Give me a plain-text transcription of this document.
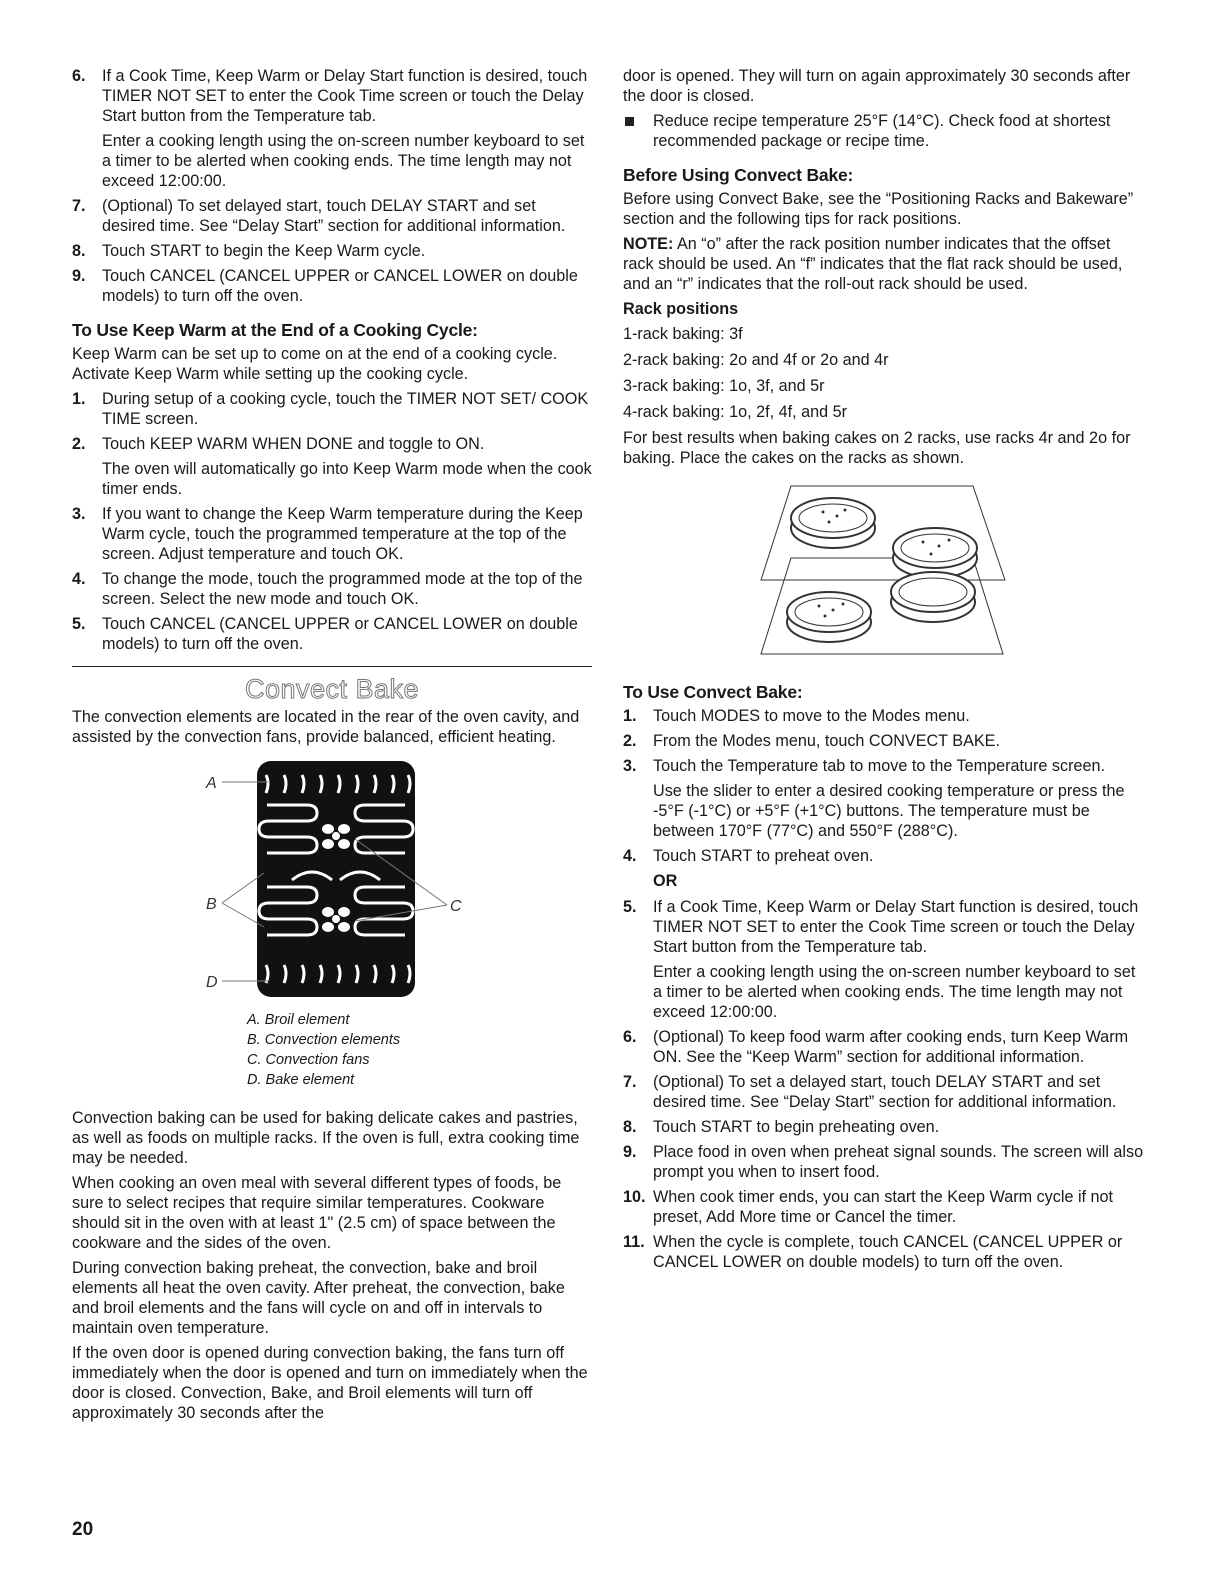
6.	If a Cook Time, Keep Warm or Delay Start function is desired, touch TIMER NOT SET to enter the Cook Time screen or touch the Delay Start button from the Temperature tab.

Enter a cooking length using the on-screen number keyboard to set a timer to be alerted when cooking ends. The time length may not exceed 12:00:00.

7.	(Optional) To set delayed start, touch DELAY START and set desired time. See “Delay Start” section for additional information.

8.	Touch START to begin the Keep Warm cycle.

9.	Touch CANCEL (CANCEL UPPER or CANCEL LOWER on double models) to turn off the oven.

To Use Keep Warm at the End of a Cooking Cycle:

Keep Warm can be set up to come on at the end of a cooking cycle. Activate Keep Warm while setting up the cooking cycle.

1.	During setup of a cooking cycle, touch the TIMER NOT SET/ COOK TIME screen.

2.	Touch KEEP WARM WHEN DONE and toggle to ON.

The oven will automatically go into Keep Warm mode when the cook timer ends.

3.	If you want to change the Keep Warm temperature during the Keep Warm cycle, touch the programmed temperature at the top of the screen. Adjust temperature and touch OK.

4.	To change the mode, touch the programmed mode at the top of the screen. Select the new mode and touch OK.

5.	Touch CANCEL (CANCEL UPPER or CANCEL LOWER on double models) to turn off the oven.

Convect Bake

The convection elements are located in the rear of the oven cavity, and assisted by the convection fans, provide balanced, efficient heating.

A
B	C
D
A. Broil element
B. Convection elements
C. Convection fans
D. Bake element

Convection baking can be used for baking delicate cakes and pastries, as well as foods on multiple racks. If the oven is full, extra cooking time may be needed.

When cooking an oven meal with several different types of foods, be sure to select recipes that require similar temperatures. Cookware should sit in the oven with at least 1" (2.5 cm) of space between the cookware and the sides of the oven.

During convection baking preheat, the convection, bake and broil elements all heat the oven cavity. After preheat, the convection, bake and broil elements and the fans will cycle on and off in intervals to maintain oven temperature.

If the oven door is opened during convection baking, the fans turn off immediately when the door is opened and turn on immediately when the door is closed. Convection, Bake, and Broil elements will turn off approximately 30 seconds after the

door is opened. They will turn on again approximately 30 seconds after the door is closed.

Reduce recipe temperature 25°F (14°C). Check food at shortest recommended package or recipe time.
Before Using Convect Bake:

Before using Convect Bake, see the “Positioning Racks and Bakeware” section and the following tips for rack positions.

NOTE: An “o” after the rack position number indicates that the offset rack should be used. An “f” indicates that the flat rack should be used, and an “r” indicates that the roll-out rack should be used.

Rack positions
1-rack baking: 3f
2-rack baking: 2o and 4f or 2o and 4r
3-rack baking: 1o, 3f, and 5r
4-rack baking: 1o, 2f, 4f, and 5r

For best results when baking cakes on 2 racks, use racks 4r and 2o for baking. Place the cakes on the racks as shown.

To Use Convect Bake:
1.	Touch MODES to move to the Modes menu.

2.	From the Modes menu, touch CONVECT BAKE.

3.	Touch the Temperature tab to move to the Temperature screen.

Use the slider to enter a desired cooking temperature or press the -5°F (-1°C) or +5°F (+1°C) buttons. The temperature must be between 170°F (77°C) and 550°F (288°C).

4.	Touch START to preheat oven.

OR
5.	If a Cook Time, Keep Warm or Delay Start function is desired, touch TIMER NOT SET to enter the Cook Time screen or touch the Delay Start button from the Temperature tab.

Enter a cooking length using the on-screen number keyboard to set a timer to be alerted when cooking ends. The time length may not exceed 12:00:00.

6.	(Optional) To keep food warm after cooking ends, turn Keep Warm ON. See the “Keep Warm” section for additional information.

7.	(Optional) To set a delayed start, touch DELAY START and set desired time. See “Delay Start” section for additional information.

8.	Touch START to begin preheating oven.

9.	Place food in oven when preheat signal sounds. The screen will also prompt you when to insert food.

10. When cook timer ends, you can start the Keep Warm cycle if not preset, Add More time or Cancel the timer.

11. When the cycle is complete, touch CANCEL (CANCEL UPPER or CANCEL LOWER on double models) to turn off the oven.

20
